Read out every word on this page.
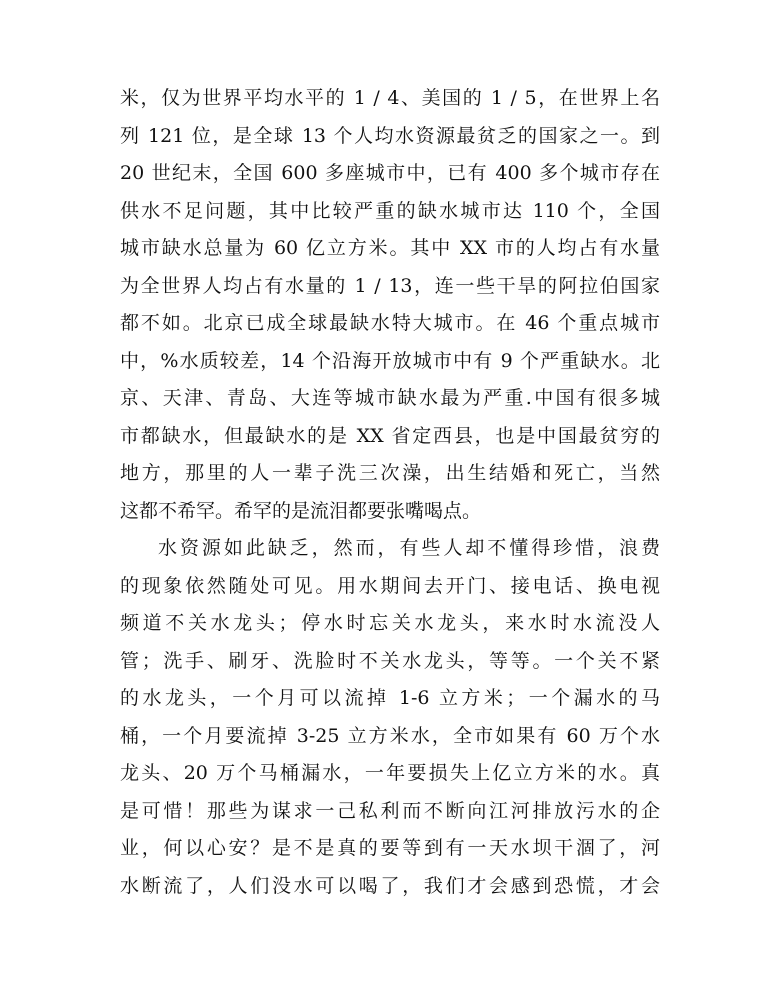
米，仅为世界平均水平的 1 / 4、美国的 1 / 5，在世界上名
列 121 位，是全球 13 个人均水资源最贫乏的国家之一。到
20 世纪末，全国 600 多座城市中，已有 400 多个城市存在
供水不足问题，其中比较严重的缺水城市达 110 个，全国
城市缺水总量为 60 亿立方米。其中 XX 市的人均占有水量
为全世界人均占有水量的 1 / 13，连一些干旱的阿拉伯国家
都不如。北京已成全球最缺水特大城市。在 46 个重点城市
中，%水质较差，14 个沿海开放城市中有 9 个严重缺水。北
京、天津、青岛、大连等城市缺水最为严重.中国有很多城
市都缺水，但最缺水的是 XX 省定西县，也是中国最贫穷的
地方，那里的人一辈子洗三次澡，出生结婚和死亡，当然
这都不希罕。希罕的是流泪都要张嘴喝点。
水资源如此缺乏，然而，有些人却不懂得珍惜，浪费
的现象依然随处可见。用水期间去开门、接电话、换电视
频道不关水龙头；停水时忘关水龙头，来水时水流没人
管；洗手、刷牙、洗脸时不关水龙头，等等。一个关不紧
的水龙头，一个月可以流掉 1-6 立方米；一个漏水的马
桶，一个月要流掉 3-25 立方米水，全市如果有 60 万个水
龙头、20 万个马桶漏水，一年要损失上亿立方米的水。真
是可惜！那些为谋求一己私利而不断向江河排放污水的企
业，何以心安？是不是真的要等到有一天水坝干涸了，河
水断流了，人们没水可以喝了，我们才会感到恐慌，才会
